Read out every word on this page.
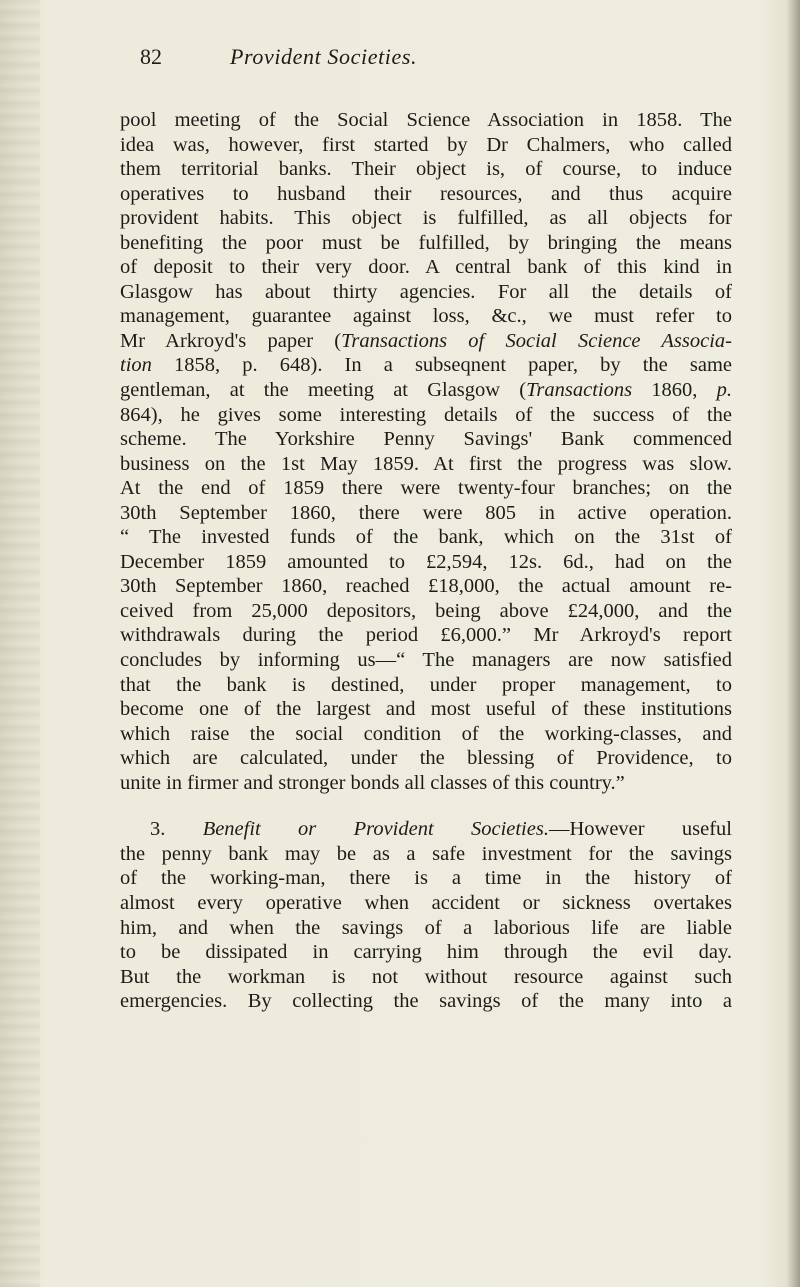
82	Provident Societies.
pool meeting of the Social Science Association in 1858. The
idea was, however, first started by Dr Chalmers, who called
them territorial banks. Their object is, of course, to induce
operatives to husband their resources, and thus acquire
provident habits. This object is fulfilled, as all objects for
benefiting the poor must be fulfilled, by bringing the means
of deposit to their very door. A central bank of this kind in
Glasgow has about thirty agencies. For all the details of
management, guarantee against loss, &c., we must refer to
Mr Arkroyd's paper (Transactions of Social Science Associa-
tion 1858, p. 648). In a subseqnent paper, by the same
gentleman, at the meeting at Glasgow (Transactions 1860, p.
864), he gives some interesting details of the success of the
scheme. The Yorkshire Penny Savings' Bank commenced
business on the 1st May 1859. At first the progress was slow.
At the end of 1859 there were twenty-four branches; on the
30th September 1860, there were 805 in active operation.
“ The invested funds of the bank, which on the 31st of
December 1859 amounted to £2,594, 12s. 6d., had on the
30th September 1860, reached £18,000, the actual amount re-
ceived from 25,000 depositors, being above £24,000, and the
withdrawals during the period £6,000.” Mr Arkroyd's report
concludes by informing us—“ The managers are now satisfied
that the bank is destined, under proper management, to
become one of the largest and most useful of these institutions
which raise the social condition of the working-classes, and
which are calculated, under the blessing of Providence, to
unite in firmer and stronger bonds all classes of this country.”
3. Benefit or Provident Societies.—However useful
the penny bank may be as a safe investment for the savings
of the working-man, there is a time in the history of
almost every operative when accident or sickness overtakes
him, and when the savings of a laborious life are liable
to be dissipated in carrying him through the evil day.
But the workman is not without resource against such
emergencies. By collecting the savings of the many into a
